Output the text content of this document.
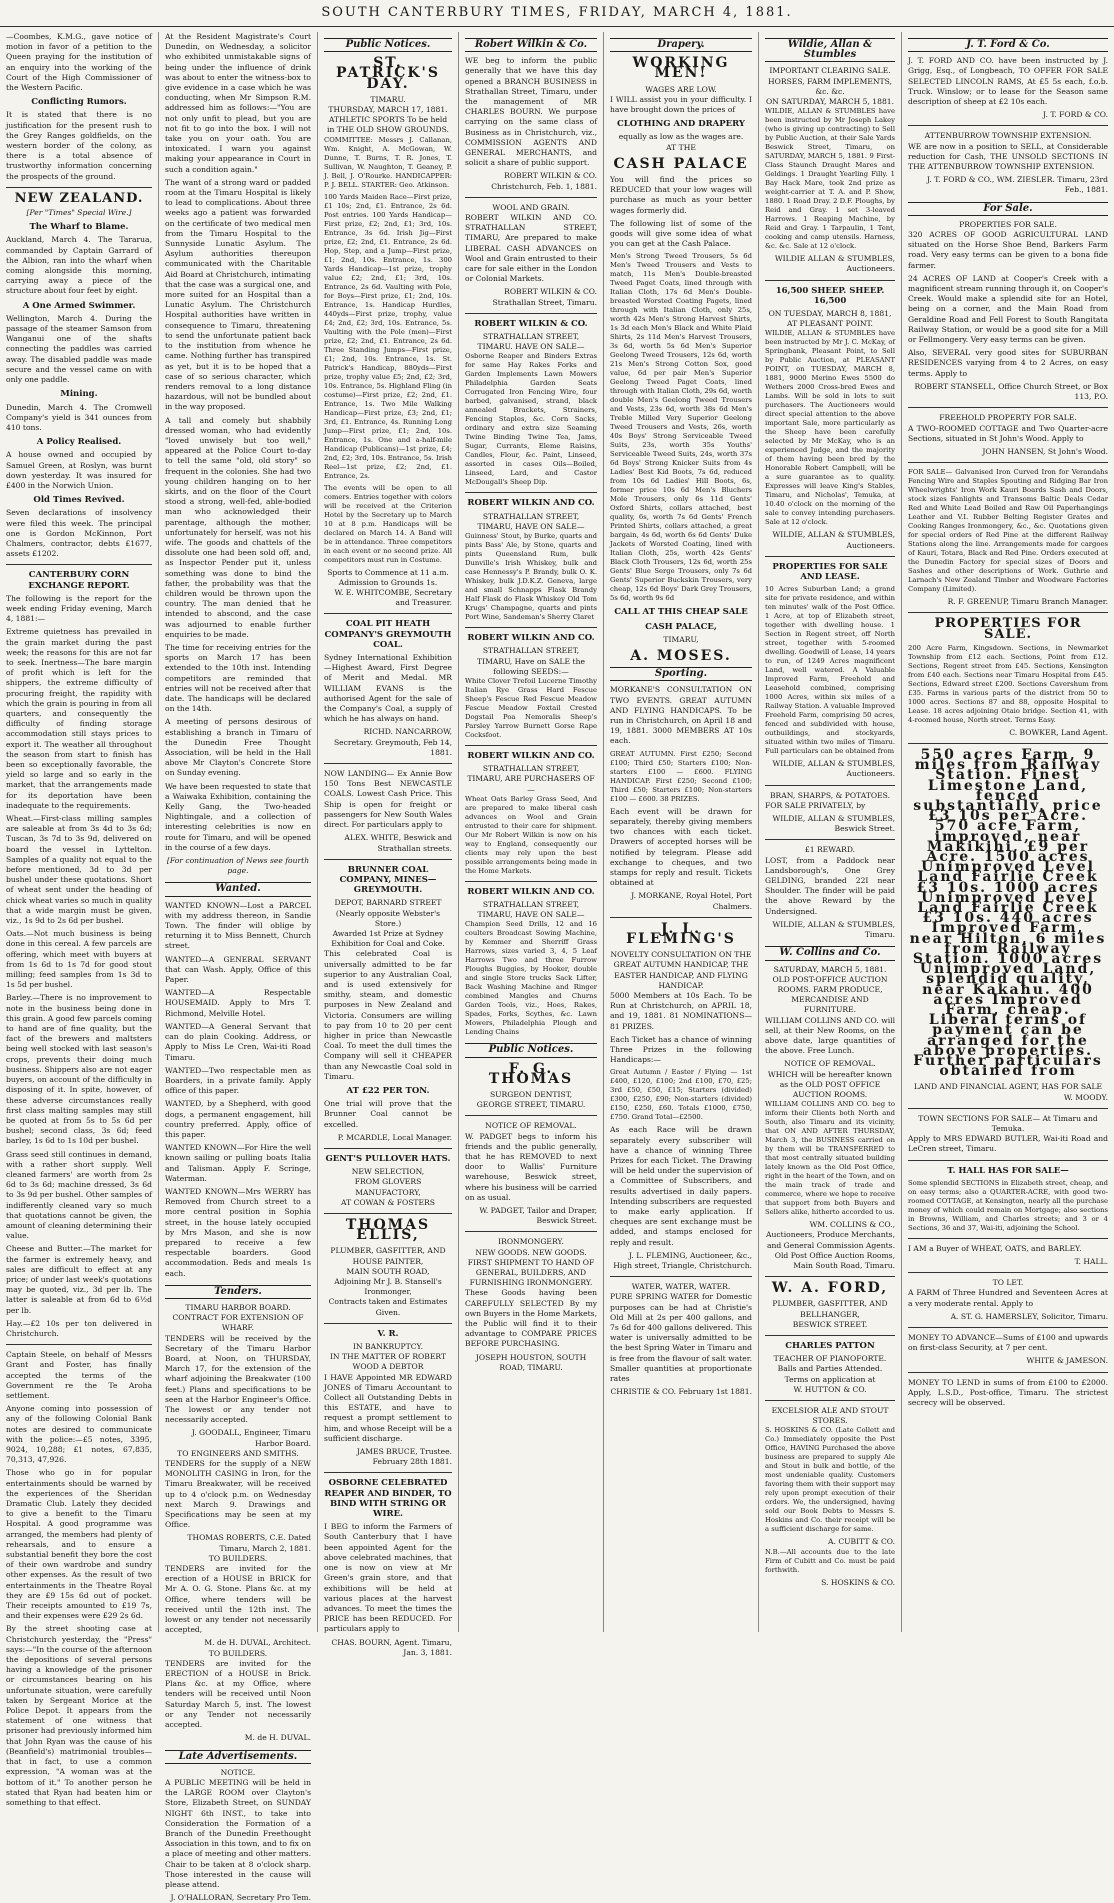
SOUTH CANTERBURY TIMES, FRIDAY, MARCH 4, 1881.

—Coombes, K.M.G., gave notice of motion in favor of a petition to the Queen praying for the institution of an enquiry into the working of the Court of the High Commissioner of the Western Pacific.

Conflicting Rumors.

It is stated that there is no justification for the present rush to the Grey Ranges goldfields, on the western border of the colony, as there is a total absence of trustworthy information concerning the prospects of the ground.

NEW ZEALAND.
[Per "Times" Special Wire.]
The Wharf to Blame.

Auckland, March 4. The Tararua, commanded by Captain Garrard of the Albion, ran into the wharf when coming alongside this morning, carrying away a piece of the structure about four feet by eight.

A One Armed Swimmer.

Wellington, March 4. During the passage of the steamer Samson from Wanganui one of the shafts connecting the paddles was carried away. The disabled paddle was made secure and the vessel came on with only one paddle.

Mining.

Dunedin, March 4. The Cromwell Company's yield is 341 ounces from 410 tons.

A Policy Realised.

A house owned and occupied by Samuel Green, at Roslyn, was burnt down yesterday. It was insured for £400 in the Norwich Union.

Old Times Revived.

Seven declarations of insolvency were filed this week. The principal one is Gordon McKinnon, Port Chalmers, contractor, debts £1677, assets £1202.

CANTERBURY CORN EXCHANGE REPORT.

The following is the report for the week ending Friday evening, March 4, 1881:—

Extreme quietness has prevailed in the grain market during the past week; the reasons for this are not far to seek. Inertness—The bare margin of profit which is left for the shippers, the extreme difficulty of procuring freight, the rapidity with which the grain is pouring in from all quarters, and consequently the difficulty of finding storage accommodation still stays prices to export it. The weather all throughout the season from start to finish has been so exceptionally favorable, the yield so large and so early in the market, that the arrangements made for its deportation have been inadequate to the requirements.

Wheat.—First-class milling samples are saleable at from 3s 4d to 3s 6d; Tuscan, 3s 7d to 3s 9d, delivered on board the vessel in Lyttelton. Samples of a quality not equal to the before mentioned, 3d to 3d per bushel under these quotations. Short of wheat sent under the heading of chick wheat varies so much in quality that a wide margin must be given, viz., 1s 9d to 2s 6d per bushel.

Oats.—Not much business is being done in this cereal. A few parcels are offering, which meet with buyers at from 1s 6d to 1s 7d for good stout milling; feed samples from 1s 3d to 1s 5d per bushel.

Barley.—There is no improvement to note in the business being done in this grain. A good few parcels coming to hand are of fine quality, but the fact of the brewers and maltsters being well stocked with last season's crops, prevents their doing much business. Shippers also are not eager buyers, on account of the difficulty in disposing of it. In spite, however, of these adverse circumstances really first class malting samples may still be quoted at from 5s to 5s 6d per bushel; second class, 3s 6d; feed barley, 1s 6d to 1s 10d per bushel.

Grass seed still continues in demand, with a rather short supply. Well cleaned farmers' are worth from 2s 6d to 3s 6d; machine dressed, 3s 6d to 3s 9d per bushel. Other samples of indifferently cleaned vary so much that quotations cannot be given, the amount of cleaning determining their value.

Cheese and Butter.—The market for the farmer is extremely heavy, and sales are difficult to effect at any price; of under last week's quotations may be quoted, viz., 3d per lb. The latter is saleable at from 6d to 6½d per lb.

Hay.—£2 10s per ton delivered in Christchurch.

Captain Steele, on behalf of Messrs Grant and Foster, has finally accepted the terms of the Government re the Te Aroha settlement.

Anyone coming into possession of any of the following Colonial Bank notes are desired to communicate with the police:—£5 notes, 3395, 9024, 10,288; £1 notes, 67,835, 70,313, 47,926.

Those who go in for popular entertainments should be warned by the experiences of the Sheridan Dramatic Club. Lately they decided to give a benefit to the Timaru Hospital. A good programme was arranged, the members had plenty of rehearsals, and to ensure a substantial benefit they bore the cost of their own wardrobe and sundry other expenses. As the result of two entertainments in the Theatre Royal they are £9 15s 6d out of pocket. Their receipts amounted to £19 7s, and their expenses were £29 2s 6d.

By the street shooting case at Christchurch yesterday, the "Press" says:—"In the course of the afternoon the depositions of several persons having a knowledge of the prisoner or circumstances bearing on his unfortunate situation, were carefully taken by Sergeant Morice at the Police Depot. It appears from the statement of one witness that prisoner had previously informed him that John Ryan was the cause of his (Beanfield's) matrimonial troubles—that in fact, to use a common expression, "A woman was at the bottom of it." To another person he stated that Ryan had beaten him or something to that effect.

At the Resident Magistrate's Court Dunedin, on Wednesday, a solicitor who exhibited unmistakable signs of being under the influence of drink was about to enter the witness-box to give evidence in a case which he was conducting, when Mr Simpson R.M. addressed him as follows:—"You are not only unfit to plead, but you are not fit to go into the box. I will not take you on your oath. You are intoxicated. I warn you against making your appearance in Court in such a condition again."

The want of a strong ward or padded room at the Timaru Hospital is likely to lead to complications. About three weeks ago a patient was forwarded on the certificate of two medical men from the Timaru Hospital to the Sunnyside Lunatic Asylum. The Asylum authorities thereupon communicated with the Charitable Aid Board at Christchurch, intimating that the case was a surgical one, and more suited for an Hospital than a Lunatic Asylum. The Christchurch Hospital authorities have written in consequence to Timaru, threatening to send the unfortunate patient back to the institution from whence he came. Nothing further has transpired as yet, but it is to be hoped that a case of so serious character, which renders removal to a long distance hazardous, will not be bundled about in the way proposed.

A tall and comely but shabbily dressed woman, who had evidently "loved unwisely but too well," appeared at the Police Court to-day to tell the same "old, old story" so frequent in the colonies. She had two young children hanging on to her skirts, and on the floor of the Court stood a strong, well-fed, able-bodied man who acknowledged their parentage, although the mother, unfortunately for herself, was not his wife. The goods and chattels of the dissolute one had been sold off, and, as Inspector Pender put it, unless something was done to bind the father, the probability was that the children would be thrown upon the country. The man denied that he intended to abscond, and the case was adjourned to enable further enquiries to be made.

The time for receiving entries for the sports on March 17 has been extended to the 10th inst. Intending competitors are reminded that entries will not be received after that date. The handicaps will be declared on the 14th.

A meeting of persons desirous of establishing a branch in Timaru of the Dunedin Free Thought Association, will be held in the Hall above Mr Clayton's Concrete Store on Sunday evening.

We have been requested to state that a Waiwaka Exhibition, containing the Kelly Gang, the Two-headed Nightingale, and a collection of interesting celebrities is now en route for Timaru, and will be opened in the course of a few days.

[For continuation of News see fourth page.
Wanted.

WANTED KNOWN—Lost a PARCEL with my address thereon, in Sandie Town. The finder will oblige by returning it to Miss Bennett, Church street.

WANTED—A GENERAL SERVANT that can Wash. Apply, Office of this Paper.

WANTED—A Respectable HOUSEMAID. Apply to Mrs T. Richmond, Melville Hotel.

WANTED—A General Servant that can do plain Cooking. Address, or Apply to Miss Le Cren, Wai-iti Road Timaru.

WANTED—Two respectable men as Boarders, in a private family. Apply office of this paper.

WANTED, by a Shepherd, with good dogs, a permanent engagement, hill country preferred. Apply, office of this paper.

WANTED KNOWN—For Hire the well known sailing or pulling boats Italia and Talisman. Apply F. Scringe, Waterman.

WANTED KNOWN—Mrs WERRY has Removed from Church street to a more central position in Sophia street, in the house lately occupied by Mrs Mason, and she is now prepared to receive a few respectable boarders. Good accommodation. Beds and meals 1s each.

Tenders.
TIMARU HARBOR BOARD.
CONTRACT FOR EXTENSION OF WHARF.

TENDERS will be received by the Secretary of the Timaru Harbor Board, at Noon, on THURSDAY, March 17, for the extension of the wharf adjoining the Breakwater (100 feet.) Plans and specifications to be seen at the Harbor Engineer's Office. The lowest or any tender not necessarily accepted.

J. GOODALL, Engineer, Timaru Harbor Board.
TO ENGINEERS AND SMITHS.

TENDERS for the supply of a NEW MONOLITH CASING in Iron, for the Timaru Breakwater, will be received up to 4 o'clock p.m. on Wednesday next March 9. Drawings and Specifications may be seen at my Office.

THOMAS ROBERTS, C.E. Dated Timaru, March 2, 1881.
TO BUILDERS.

TENDERS are invited for the erection of a HOUSE in BRICK for Mr A. O. G. Stone. Plans &c. at my Office, where tenders will be received until the 12th inst. The lowest or any tender not necessarily accepted,

M. de H. DUVAL, Architect.
TO BUILDERS.

TENDERS are invited for the ERECTION of a HOUSE in Brick. Plans &c. at my Office, where tenders will be received until Noon Saturday March 5, inst. The lowest or any Tender not necessarily accepted.

M. de H. DUVAL.
Late Advertisements.
NOTICE.

A PUBLIC MEETING will be held in the LARGE ROOM over Clayton's Store, Elizabeth Street, on SUNDAY NIGHT 6th INST., to take into Consideration the Formation of a Branch of the Dunedin Freethought Association in this town, and to fix on a place of meeting and other matters. Chair to be taken at 8 o'clock sharp. Those interested in the cause will please attend.

J. O'HALLORAN, Secretary Pro Tem.
Public Notices.
ST. PATRICK'S DAY.
TIMARU.
THURSDAY, MARCH 17, 1881.
ATHLETIC SPORTS To be held in THE OLD SHOW GROUNDS.

COMMITTEE: Messrs J. Callanan, Wm. Knight, A. McGowan, W. Dunne, T. Burns, T. R. Jones, T. Sullivan, W. Naughton, T. Geaney, P. J. Bell, J. O'Rourke. HANDICAPPER: P. J. BELL. STARTER: Geo. Atkinson.

100 Yards Maiden Race—First prize, £1 10s; 2nd, £1. Entrance, 2s 6d. Post entries. 100 Yards Handicap—First prize, £2; 2nd, £1; 3rd, 10s. Entrance, 3s 6d. Irish Jig—First prize, £2; 2nd, £1. Entrance, 2s 6d. Hop, Step, and a Jump—First prize, £1; 2nd, 10s. Entrance, 1s. 300 Yards Handicap—1st prize, trophy value £2; 2nd, £1; 3rd, 10s. Entrance, 2s 6d. Vaulting with Pole, for Boys—First prize, £1; 2nd, 10s. Entrance, 1s. Handicap Hurdles, 440yds—First prize, trophy, value £4; 2nd, £2; 3rd, 10s. Entrance, 5s. Vaulting with the Pole (men)—First prize, £2; 2nd, £1. Entrance, 2s 6d. Three Standing Jumps—First prize, £1; 2nd, 10s. Entrance, 1s. St. Patrick's Handicap, 880yds—First prize, trophy value £5; 2nd, £2; 3rd, 10s. Entrance, 5s. Highland Fling (in costume)—First prize, £2; 2nd, £1. Entrance, 1s. Two Mile Walking Handicap—First prize, £3; 2nd, £1; 3rd, £1. Entrance, 4s. Running Long Jump—First prize, £1; 2nd, 10s. Entrance, 1s. One and a-half-mile Handicap (Publicans)—1st prize, £4; 2nd, £2; 3rd, 10s. Entrance, 5s. Irish Reel—1st prize, £2; 2nd, £1. Entrance, 2s.

The events will be open to all comers. Entries together with colors will be received at the Criterion Hotel by the Secretary up to March 10 at 8 p.m. Handicaps will be declared on March 14. A Band will be in attendance. Three competitors in each event or no second prize. All competitors must run in Costume.

Sports to Commence at 11 a.m. Admission to Grounds 1s.
W. E. WHITCOMBE, Secretary and Treasurer.
COAL PIT HEATH COMPANY'S GREYMOUTH COAL.

Sydney International Exhibition—Highest Award, First Degree of Merit and Medal. MR WILLIAM EVANS is the authorised Agent for the sale of the Company's Coal, a supply of which he has always on hand.

RICHD. NANCARROW, Secretary. Greymouth, Feb 14, 1881.

NOW LANDING— Ex Annie Bow 150 Tons Best NEWCASTLE COALS. Lowest Cash Price. This Ship is open for freight or passengers for New South Wales direct. For particulars apply to

ALEX. WHITE, Beswick and Strathallan streets.
BRUNNER COAL COMPANY, MINES—GREYMOUTH.
DEPOT, BARNARD STREET (Nearly opposite Webster's Store.)
Awarded 1st Prize at Sydney Exhibition for Coal and Coke.

This celebrated Coal is universally admitted to be far superior to any Australian Coal, and is used extensively for smithy, steam, and domestic purposes in New Zealand and Victoria. Consumers are willing to pay from 10 to 20 per cent higher in price than Newcastle Coal. To meet the dull times the Company will sell it CHEAPER than any Newcastle Coal sold in Timaru.

AT £22 PER TON.

One trial will prove that the Brunner Coal cannot be excelled.

P. MCARDLE, Local Manager.
GENT'S PULLOVER HATS.
NEW SELECTION,
FROM GLOVERS MANUFACTORY,
AT COWAN & FOSTERS
THOMAS ELLIS,
PLUMBER, GASFITTER, AND HOUSE PAINTER,
MAIN SOUTH ROAD,
Adjoining Mr J. B. Stansell's Ironmonger,
Contracts taken and Estimates Given.
V. R.
IN BANKRUPTCY.
IN THE MATTER OF ROBERT WOOD A DEBTOR

I HAVE Appointed MR EDWARD JONES of Timaru Accountant to Collect all Outstanding Debts in this ESTATE, and have to request a prompt settlement to him, and whose Receipt will be a sufficient discharge.

JAMES BRUCE, Trustee. February 28th 1881.
OSBORNE CELEBRATED REAPER AND BINDER, TO BIND WITH STRING OR WIRE.

I BEG to inform the Farmers of South Canterbury that I have been appointed Agent for the above celebrated machines, that one is now on view at Mr Green's grain store, and that exhibitions will be held at various places at the harvest advances. To meet the times the PRICE has been REDUCED. For particulars apply to

CHAS. BOURN, Agent. Timaru, Jan. 3, 1881.
Robert Wilkin & Co.

WE beg to inform the public generally that we have this day opened a BRANCH BUSINESS in Strathallan Street, Timaru, under the management of MR CHARLES BOURN. We purpose carrying on the same class of Business as in Christchurch, viz., COMMISSION AGENTS AND GENERAL MERCHANTS, and solicit a share of public support.

ROBERT WILKIN & CO. Christchurch, Feb. 1, 1881.
WOOL AND GRAIN.

ROBERT WILKIN AND CO. STRATHALLAN STREET, TIMARU, Are prepared to make LIBERAL CASH ADVANCES on Wool and Grain entrusted to their care for sale either in the London or Colonial Markets.

ROBERT WILKIN & CO. Strathallan Street, Timaru.
ROBERT WILKIN & CO.
STRATHALLAN STREET, TIMARU. HAVE ON SALE—

Osborne Reaper and Binders Extras for same Hay Rakes Forks and Garden Implements Lawn Mowers Philadelphia Garden Seats Corrugated Iron Fencing Wire, four barbed, galvanised, strand, black annealed Brackets, Strainers, Fencing Staples, &c. Corn Sacks, ordinary and extra size Seaming Twine Binding Twine Tea, Jams, Sugar, Currants, Eleme Raisins, Candles, Flour, &c. Paint, Linseed, assorted in cases Oils—Boiled, Linseed, Lard, and Castor McDougall's Sheep Dip.

ROBERT WILKIN AND CO.
STRATHALLAN STREET, TIMARU, HAVE ON SALE—

Guinness' Stout, by Burke, quarts and pints Bass' Ale, by Stone, quarts and pints Queensland Rum, bulk Dunville's Irish Whiskey, bulk and case Hennessy's P. Brandy, bulk O. K. Whiskey, bulk J.D.K.Z. Geneva, large and small Schnapps Flask Brandy Half Flask do Flask Whiskey Old Tom Krugs' Champagne, quarts and pints Port Wine, Sandeman's Sherry Claret

ROBERT WILKIN AND CO.
STRATHALLAN STREET, TIMARU, Have on SALE the following SEEDS:—

White Clover Trefoil Lucerne Timothy Italian Rye Grass Hard Fescue Sheep's Fescue Red Fescue Meadow Fescue Meadow Foxtail Crested Dogstail Poa Nemoralis Sheep's Parsley Yarrow Burnett Gorse Rape Cocksfoot.

ROBERT WILKIN AND CO.
STRATHALLAN STREET, TIMARU, ARE PURCHASERS OF—

Wheat Oats Barley Grass Seed, And are prepared to make liberal cash advances on Wool and Grain entrusted to their care for shipment. Our Mr Robert Wilkin is now on his way to England, consequently our clients may rely upon the best possible arrangements being made in the Home Markets.

ROBERT WILKIN AND CO.
STRATHALLAN STREET, TIMARU, HAVE ON SALE—

Champion Seed Drills, 12 and 16 coulters Broadcast Sowing Machine, by Kemmer and Sherriff Grass Harrows, sizes varied 3, 4, 5 Leaf Harrows Two and three Furrow Ploughs Buggies, by Hooker, double and single Store trucks Sack Lifter, Back Washing Machine and Ringer combined Mangles and Churns Garden Tools, viz., Hoes, Rakes, Spades, Forks, Scythes, &c. Lawn Mowers, Philadelphia Plough and Lending Chains

Public Notices.
F. G. THOMAS
SURGEON DENTIST,
GEORGE STREET, TIMARU.
NOTICE OF REMOVAL.

W. PADGET begs to inform his friends and the public generally, that he has REMOVED to next door to Wallis' Furniture warehouse, Beswick street, where his business will be carried on as usual.

W. PADGET, Tailor and Draper, Beswick Street.
IRONMONGERY.
NEW GOODS. NEW GOODS.
FIRST SHIPMENT TO HAND OF GENERAL, BUILDERS, AND FURNISHING IRONMONGERY.

These Goods having been CAREFULLY SELECTED By my own Buyers in the Home Markets, the Public will find it to their advantage to COMPARE PRICES BEFORE PURCHASING.

JOSEPH HOUSTON, SOUTH ROAD, TIMARU.
Drapery.
WORKING MEN!
WAGES ARE LOW.

I WILL assist you in your difficulty. I have brought down the prices of

CLOTHING AND DRAPERY
equally as low as the wages are.
AT THE
CASH PALACE

You will find the prices so REDUCED that your low wages will purchase as much as your better wages formerly did.

The following list of some of the goods will give some idea of what you can get at the Cash Palace.

Men's Strong Tweed Trousers, 5s 6d Men's Tweed Trousers and Vests to match, 11s Men's Double-breasted Tweed Paget Coats, lined through with Italian Cloth, 17s 6d Men's Double-breasted Worsted Coating Pagets, lined through with Italian Cloth, only 25s, worth 42s Men's Strong Harvest Shirts, 1s 3d each Men's Black and White Plaid Shirts, 2s 11d Men's Harvest Trousers, 3s 6d, worth 5s 6d Men's Superior Geelong Tweed Trousers, 12s 6d, worth 21s Men's Strong Cotton Sox, good value, 6d per pair Men's Superior Geelong Tweed Paget Coats, lined through with Italian Cloth, 29s 6d, worth double Men's Geelong Tweed Trousers and Vests, 23s 6d, worth 38s 6d Men's Treble Milled Very Superior Geelong Tweed Trousers and Vests, 26s, worth 40s Boys' Strong Serviceable Tweed Suits, 23s, worth 35s Youths' Serviceable Tweed Suits, 24s, worth 37s 6d Boys' Strong Knicker Suits from 4s Ladies' Best Kid Boots, 7s 6d, reduced from 10s 6d Ladies' Hill Boots, 6s, former price 10s 6d Men's Bluchers Mole Trousers, only 6s 11d Gents' Oxford Shirts, collars attached, best quality, 6s, worth 7s 6d Gents' French Printed Shirts, collars attached, a great bargain, 4s 6d, worth 6s 6d Gents' Duke Jackets of Worsted Coating, lined with Italian Cloth, 25s, worth 42s Gents' Black Cloth Trousers, 12s 6d, worth 25s Gents' Blue Serge Trousers, only 7s 6d Gents' Superior Buckskin Trousers, very cheap, 12s 6d Boys' Dark Grey Trousers, 5s 6d, worth 9s 6d

CALL AT THIS CHEAP SALE
CASH PALACE,
TIMARU,
A. MOSES.
Sporting.

MORKANE'S CONSULTATION ON TWO EVENTS. GREAT AUTUMN AND FLYING HANDICAPS. To be run in Christchurch, on April 18 and 19, 1881. 3000 MEMBERS AT 10s each.

GREAT AUTUMN. First £250; Second £100; Third £50; Starters £100; Non-starters £100 — £600. FLYING HANDICAP. First £250; Second £100; Third £50; Starters £100; Non-starters £100 — £600. 38 PRIZES.

Each event will be drawn for separately, thereby giving members two chances with each ticket. Drawers of accepted horses will be notified by telegram. Please add exchange to cheques, and two stamps for reply and result. Tickets obtained at

J. MORKANE, Royal Hotel, Port Chalmers.
J. L. FLEMING'S
NOVELTY CONSULTATION ON THE GREAT AUTUMN HANDICAP, THE EASTER HANDICAP, AND FLYING HANDICAP.

5000 Members at 10s Each. To be Run at Christchurch, on APRIL 18, and 19, 1881. 81 NOMINATIONS—81 PRIZES.

Each Ticket has a chance of winning Three Prizes in the following Handicaps:—

Great Autumn / Easter / Flying — 1st £400, £120, £100; 2nd £100, £70, £25; 3rd £50, £50, £15; Starters (divided) £300, £250, £90; Non-starters (divided) £150, £250, £60. Totals £1000, £750, £750. Grand Total—£2500.

As each Race will be drawn separately every subscriber will have a chance of winning Three Prizes for each Ticket. The Drawing will be held under the supervision of a Committee of Subscribers, and results advertised in daily papers. Intending subscribers are requested to make early application. If cheques are sent exchange must be added, and stamps enclosed for reply and result.

J. L. FLEMING, Auctioneer, &c., High street, Triangle, Christchurch.
WATER, WATER, WATER.

PURE SPRING WATER for Domestic purposes can be had at Christie's Old Mill at 2s per 400 gallons, and 7s 6d for 400 gallons delivered. This water is universally admitted to be the best Spring Water in Timaru and is free from the flavour of salt water. Smaller quantities at proportionate rates

CHRISTIE & CO. February 1st 1881.
Wildie, Allan & Stumbles
IMPORTANT CLEARING SALE.
HORSES, FARM IMPLEMENTS, &c. &c.
ON SATURDAY, MARCH 5, 1881.

WILDIE, ALLAN & STUMBLES have been instructed by Mr Joseph Lakey (who is giving up contracting) to Sell by Public Auction, at their Sale Yards Beswick Street, Timaru, on SATURDAY, MARCH 5, 1881. 9 First-Class Staunch Draught Mares and Geldings. 1 Draught Yearling Filly. 1 Bay Hack Mare, took 2nd prize as weight-carrier at T. A. and P. Show, 1880. 1 Road Dray. 2 D.F. Ploughs, by Reid and Gray. 1 set 3-leaved Harrows. 1 Reaping Machine, by Reid and Gray. 1 Tarpaulin, 1 Tent, cooking and camp utensils. Harness, &c. &c. Sale at 12 o'clock.

WILDIE ALLAN & STUMBLES, Auctioneers.
16,500 SHEEP. SHEEP. 16,500
ON TUESDAY, MARCH 8, 1881, AT PLEASANT POINT.

WILDIE, ALLAN & STUMBLES have been instructed by Mr J. C. McKay, of Springbank, Pleasant Point, to Sell by Public Auction, at PLEASANT POINT, on TUESDAY, MARCH 8, 1881, 9000 Merino Ewes 5500 do Wethers 2000 Cross-bred Ewes and Lambs. Will be sold in lots to suit purchasers. The Auctioneers would direct special attention to the above important Sale, more particularly as the Sheep have been carefully selected by Mr McKay, who is an experienced Judge, and the majority of them having been bred by the Honorable Robert Campbell, will be a sure guarantee as to quality. Expresses will leave King's Stables, Timaru, and Nicholas', Temuka, at 10.40 o'clock on the morning of the sale to convey intending purchasers. Sale at 12 o'clock.

WILDIE, ALLAN & STUMBLES, Auctioneers.
PROPERTIES FOR SALE AND LEASE.

10 Acres Suburban Land; a grand site for private residence, and within ten minutes' walk of the Post Office. 1 Acre, at top of Elizabeth street, together with dwelling house. 1 Section in Regent street, off North street, together with 5-roomed dwelling. Goodwill of Lease, 14 years to run, of 1249 Acres magnificent Land, well watered. A Valuable Improved Farm, Freehold and Leasehold combined, comprising 1000 Acres, within six miles of a Railway Station. A valuable Improved Freehold Farm, comprising 50 acres, fenced and subdivided with house, outbuildings, and stockyards, situated within two miles of Timaru. Full particulars can be obtained from

WILDIE, ALLAN & STUMBLES, Auctioneers.
BRAN, SHARPS, & POTATOES.

FOR SALE PRIVATELY, by

WILDIE, ALLAN & STUMBLES, Beswick Street.
£1 REWARD.

LOST, from a Paddock near Landsborough's, One Grey GELDING, branded 22I near Shoulder. The finder will be paid the above Reward by the Undersigned.

WILDIE, ALLAN & STUMBLES, Timaru.
W. Collins and Co.
SATURDAY, MARCH 5, 1881.
OLD POST-OFFICE AUCTION ROOMS. FARM PRODUCE, MERCANDISE AND FURNITURE.

WILLIAM COLLINS AND CO. will sell, at their New Rooms, on the above date, large quantities of the above. Free Lunch.

NOTICE OF REMOVAL.
WHICH will be hereafter known as the OLD POST OFFICE AUCTION ROOMS.

WILLIAM COLLINS AND CO. beg to inform their Clients both North and South, also Timaru and its vicinity, that ON AND AFTER THURSDAY, March 3, the BUSINESS carried on by them will be TRANSFERRED to that most centrally situated building lately known as the Old Post Office, right in the heart of the Town, and on the main track of trade and commerce, where we hope to receive that support from both Buyers and Sellers alike, hitherto accorded to us.

WM. COLLINS & CO., Auctioneers, Produce Merchants, and General Commission Agents. Old Post Office Auction Rooms, Main South Road, Timaru.
W. A. FORD,
PLUMBER, GASFITTER, AND BELLHANGER,
BESWICK STREET.
CHARLES PATTON
TEACHER OF PIANOFORTE.
Balls and Parties Attended.
Terms on application at
W. HUTTON & CO.
EXCELSIOR ALE AND STOUT STORES.

S. HOSKINS & CO. (Late Collett and Co.) Immediately opposite the Post Office, HAVING Purchased the above business are prepared to supply Ale and Stout in bulk and bottle, of the most undeniable quality. Customers favoring them with their support may rely upon prompt execution of their orders. We, the undersigned, having sold our Book Debts to Messrs S. Hoskins and Co. their receipt will be a sufficient discharge for same.

A. CUBITT & CO.

N.B.—All accounts due to the late Firm of Cubitt and Co. must be paid forthwith.

S. HOSKINS & CO.
J. T. Ford & Co.

J. T. FORD AND CO. have been instructed by J. Grigg, Esq., of Longbeach, TO OFFER FOR SALE SELECTED LINCOLN RAMS, At £5 5s each, f.o.b. Truck. Winslow; or to lease for the Season same description of sheep at £2 10s each.

J. T. FORD & CO.
ATTENBURROW TOWNSHIP EXTENSION.

WE are now in a position to SELL, at Considerable reduction for Cash, THE UNSOLD SECTIONS IN THE ATTENBURROW TOWNSHIP EXTENSION.

J. T. FORD & CO., WM. ZIESLER. Timaru, 23rd Feb., 1881.
For Sale.
PROPERTIES FOR SALE.

320 ACRES OF GOOD AGRICULTURAL LAND situated on the Horse Shoe Bend, Barkers Farm road. Very easy terms can be given to a bona fide farmer.

24 ACRES OF LAND at Cooper's Creek with a magnificent stream running through it, on Cooper's Creek. Would make a splendid site for an Hotel, being on a corner, and the Main Road from Geraldine Road and Fell Forest to South Rangitata Railway Station, or would be a good site for a Mill or Fellmongery. Very easy terms can be given.

Also, SEVERAL very good sites for SUBURBAN RESIDENCES varying from 4 to 2 Acres, on easy terms. Apply to

ROBERT STANSELL, Office Church Street, or Box 113, P.O.
FREEHOLD PROPERTY FOR SALE.

A TWO-ROOMED COTTAGE and Two Quarter-acre Sections, situated in St John's Wood. Apply to

JOHN HANSEN, St John's Wood.

FOR SALE— Galvanised Iron Curved Iron for Verandahs Fencing Wire and Staples Spouting and Ridging Bar Iron Wheelwrights' Iron Work Kauri Boards Sash and Doors, stock sizes Fanlights and Transoms Baltic Deals Cedar Red and White Lead Boiled and Raw Oil Paperhangings Leather and V.I. Rubber Belting Register Grates and Cooking Ranges Ironmongery, &c., &c. Quotations given for special orders of Red Pine at the different Railway Stations along the line. Arrangements made for cargoes of Kauri, Totara, Black and Red Pine. Orders executed at the Dunedin Factory for special sizes of Doors and Sashes and other descriptions of Work. Guthrie and Larnach's New Zealand Timber and Woodware Factories Company (Limited).

R. F. GREENUP, Timaru Branch Manager.
PROPERTIES FOR SALE.

200 Acre Farm, Kingsdown. Sections, in Newmarket Township from £12 each. Sections, Point from £12. Sections, Regent street from £45. Sections, Kensington from £40 each. Sections near Timaru Hospital from £45. Sections, Edward street £200. Sections Cavershum from £35. Farms in various parts of the district from 50 to 1000 acres. Sections 87 and 88, opposite Hospital to Lease. 18 acres adjoining Otaio bridge. Section 41, with 4-roomed house, North street. Terms Easy.

C. BOWKER, Land Agent.
550 acres Farm, 9 miles from Railway Station. Finest Limestone Land, fenced substantially, price £3 10s per Acre. 570 acre Farm, improved, near Makikihi, £9 per Acre. 1500 acres Unimproved Level Land Fairlie Creek £3 10s. 1000 acres Unimproved Level Land Fairlie Creek £3 10s. 440 acres Improved Farm, near Hilton, 6 miles from Railway Station. 1000 acres Unimproved Land, splendid quality, near Kakahu. 400 acres Improved Farm, cheap. Liberal terms of payment can be arranged for the above properties. Further particulars obtained from
LAND AND FINANCIAL AGENT, HAS FOR SALE
W. MOODY.
TOWN SECTIONS FOR SALE— At Timaru and Temuka.

Apply to MRS EDWARD BUTLER, Wai-iti Road and LeCren street, Timaru.

T. HALL HAS FOR SALE—

Some splendid SECTIONS in Elizabeth street, cheap, and on easy terms; also a QUARTER-ACRE, with good two-roomed COTTAGE, at Kensington, nearly all the purchase money of which could remain on Mortgage; also sections in Browns, William, and Charles streets; and 3 or 4 Sections, 36 and 37, Wai-iti, adjoining the School.

I AM a Buyer of WHEAT, OATS, and BARLEY.

T. HALL.
TO LET.

A FARM of Three Hundred and Seventeen Acres at a very moderate rental. Apply to

A. ST. G. HAMERSLEY, Solicitor, Timaru.

MONEY TO ADVANCE—Sums of £100 and upwards on first-class Security, at 7 per cent.

WHITE & JAMESON.

MONEY TO LEND in sums of from £100 to £2000. Apply, L.S.D., Post-office, Timaru. The strictest secrecy will be observed.
